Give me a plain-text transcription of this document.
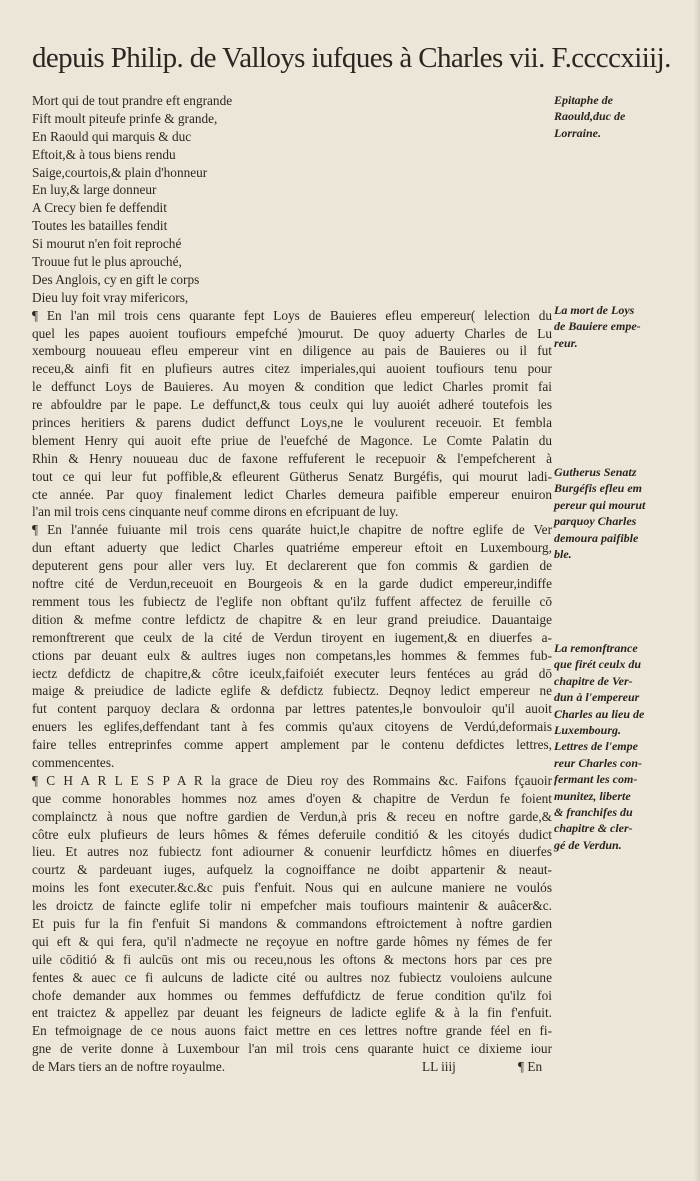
depuis Philip. de Valloys iufques à Charles vii. F.ccccxiiij.
Mort qui de tout prandre eft engrande
Fift moult piteufe prinfe & grande,
En Raould qui marquis & duc
Eftoit,& à tous biens rendu
Saige,courtois,& plain d'honneur
En luy,& large donneur
A Crecy bien fe deffendit
Toutes les batailles fendit
Si mourut n'en foit reproché
Trouue fut le plus aprouché,
Des Anglois, cy en gift le corps
Dieu luy foit vray mifericors,
¶ En l'an mil trois cens quarante fept Loys de Bauieres efleu empereur( lelection du
quel les papes auoient toufiours empefché )mourut. De quoy aduerty Charles de Lu
xembourg nouueau efleu empereur vint en diligence au pais de Bauieres ou il fut
receu,& ainfi fit en plufieurs autres citez imperiales,qui auoient toufiours tenu pour
le deffunct Loys de Bauieres. Au moyen & condition que ledict Charles promit fai
re abfouldre par le pape. Le deffunct,& tous ceulx qui luy auoiét adheré toutefois les
princes heritiers & parens dudict deffunct Loys,ne le voulurent receuoir. Et fembla
blement Henry qui auoit efte priue de l'euefché de Magonce. Le Comte Palatin du
Rhin & Henry nouueau duc de faxone reffuferent le recepuoir & l'empefcherent à
tout ce qui leur fut poffible,& efleurent Gütherus Senatz Burgéfis, qui mourut ladi-
cte année. Par quoy finalement ledict Charles demeura paifible empereur enuiron
l'an mil trois cens cinquante neuf comme dirons en efcripuant de luy.
¶ En l'année fuiuante mil trois cens quaráte huict,le chapitre de noftre eglife de Ver
dun eftant aduerty que ledict Charles quatriéme empereur eftoit en Luxembourg,
deputerent gens pour aller vers luy. Et declarerent que fon commis & gardien de
noftre cité de Verdun,receuoit en Bourgeois & en la garde dudict empereur,indiffe
remment tous les fubiectz de l'eglife non obftant qu'ilz fuffent affectez de feruille cō
dition & mefme contre lefdictz de chapitre & en leur grand preiudice. Dauantaige
remonftrerent que ceulx de la cité de Verdun tiroyent en iugement,& en diuerfes a-
ctions par deuant eulx & aultres iuges non competans,les hommes & femmes fub-
iectz defdictz de chapitre,& côtre iceulx,faifoiét executer leurs fentéces au grád dō
maige & preiudice de ladicte eglife & defdictz fubiectz. Deqnoy ledict empereur ne
fut content parquoy declara & ordonna par lettres patentes,le bonvouloir qu'il auoit
enuers les eglifes,deffendant tant à fes commis qu'aux citoyens de Verdú,deformais
faire telles entreprinfes comme appert amplement par le contenu defdictes lettres,
commencentes.
¶ C H A R L E S P A R la grace de Dieu roy des Rommains &c. Faifons fçauoir
que comme honorables hommes noz ames d'oyen & chapitre de Verdun fe foient
complainctz à nous que noftre gardien de Verdun,à pris & receu en noftre garde,&
côtre eulx plufieurs de leurs hômes & fémes deferuile conditió & les citoyés dudict
lieu. Et autres noz fubiectz font adiourner & conuenir leurfdictz hômes en diuerfes
courtz & pardeuant iuges, aufquelz la cognoiffance ne doibt appartenir & neaut-
moins les font executer.&c.&c puis f'enfuit. Nous qui en aulcune maniere ne voulós
les droictz de faincte eglife tolir ni empefcher mais toufiours maintenir & auâcer&c.
Et puis fur la fin f'enfuit Si mandons & commandons eftroictement à noftre gardien
qui eft & qui fera, qu'il n'admecte ne reçoyue en noftre garde hômes ny fémes de fer
uile cōditió & fi aulcūs ont mis ou receu,nous les oftons & mectons hors par ces pre
fentes & auec ce fi aulcuns de ladicte cité ou aultres noz fubiectz vouloiens aulcune
chofe demander aux hommes ou femmes deffufdictz de ferue condition qu'ilz foi
ent traictez & appellez par deuant les feigneurs de ladicte eglife & à la fin f'enfuit.
En tefmoignage de ce nous auons faict mettre en ces lettres noftre grande féel en fi-
gne de verite donne à Luxembour l'an mil trois cens quarante huict ce dixieme iour
de Mars tiers an de noftre royaulme.	LL iiij	¶ En
Epitaphe de
Raould,duc de
Lorraine.
La mort de Loys
de Bauiere empe-
reur.
Gutherus Senatz
Burgéfis efleu em
pereur qui mourut
parquoy Charles
demoura paifible
ble.
La remonftrance
que firét ceulx du
chapitre de Ver-
dun à l'empereur
Charles au lieu de
Luxembourg.
Lettres de l'empe
reur Charles con-
fermant les com-
munitez, liberte
& franchifes du
chapitre & cler-
gé de Verdun.
